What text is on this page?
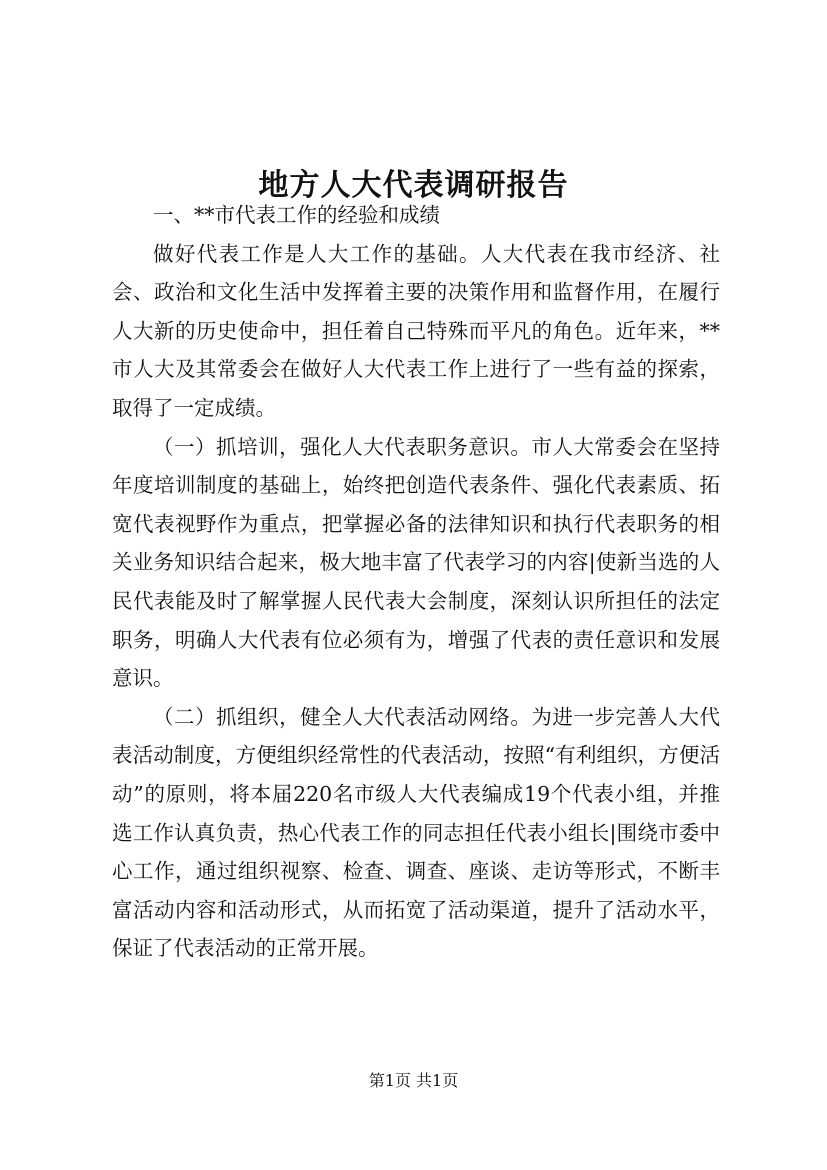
地方人大代表调研报告

一、**市代表工作的经验和成绩

做好代表工作是人大工作的基础。人大代表在我市经济、社会、政治和文化生活中发挥着主要的决策作用和监督作用，在履行人大新的历史使命中，担任着自己特殊而平凡的角色。近年来，**市人大及其常委会在做好人大代表工作上进行了一些有益的探索，取得了一定成绩。

（一）抓培训，强化人大代表职务意识。市人大常委会在坚持年度培训制度的基础上，始终把创造代表条件、强化代表素质、拓宽代表视野作为重点，把掌握必备的法律知识和执行代表职务的相关业务知识结合起来，极大地丰富了代表学习的内容|使新当选的人民代表能及时了解掌握人民代表大会制度，深刻认识所担任的法定职务，明确人大代表有位必须有为，增强了代表的责任意识和发展意识。

（二）抓组织，健全人大代表活动网络。为进一步完善人大代表活动制度，方便组织经常性的代表活动，按照“有利组织，方便活动”的原则，将本届220名市级人大代表编成19个代表小组，并推选工作认真负责，热心代表工作的同志担任代表小组长|围绕市委中心工作，通过组织视察、检查、调查、座谈、走访等形式，不断丰富活动内容和活动形式，从而拓宽了活动渠道，提升了活动水平，保证了代表活动的正常开展。

第1页 共1页
